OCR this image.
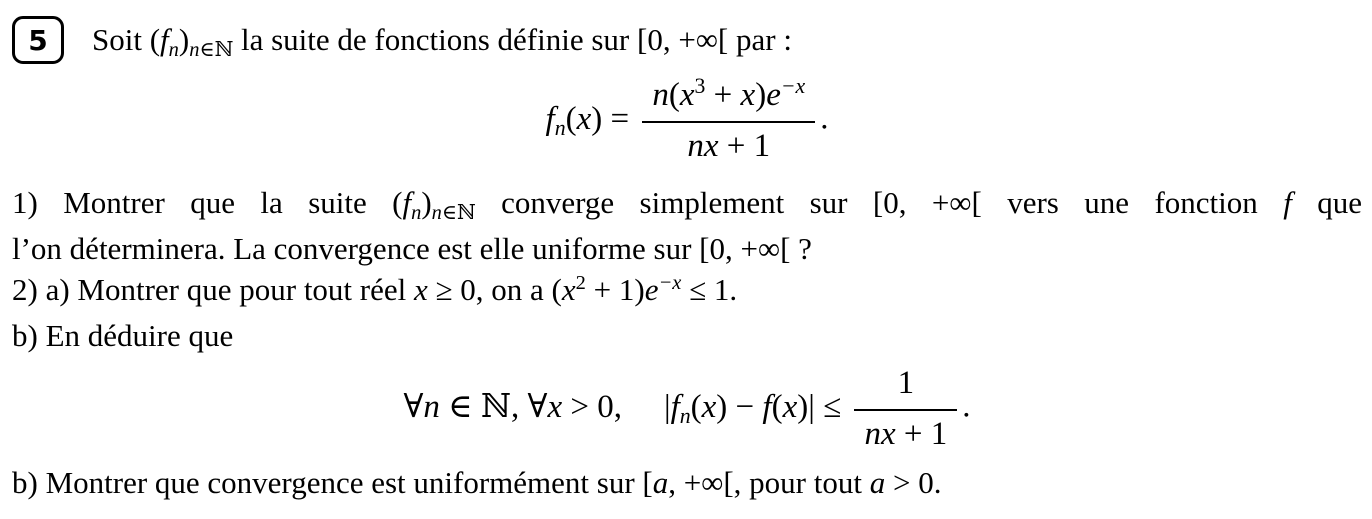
5	Soit (fn)n∈ℕ la suite de fonctions définie sur [0, +∞[ par :
$fn(x) = \frac{n(x^3 + x)e^{-x}}{nx + 1}$ .
1) Montrer que la suite (fn)n∈ℕ converge simplement sur [0, +∞[ vers une fonction f que
l’on déterminera. La convergence est elle uniforme sur [0, +∞[ ?
2) a) Montrer que pour tout réel x ≥ 0, on a $(x^2 + 1)e^{-x} \le 1$.
b) En déduire que
∀n ∈ ℕ, ∀x > 0, $|fn(x) - f(x)| \le \frac{1}{nx + 1}$ .
b) Montrer que convergence est uniformément sur [a, +∞[, pour tout a > 0.
